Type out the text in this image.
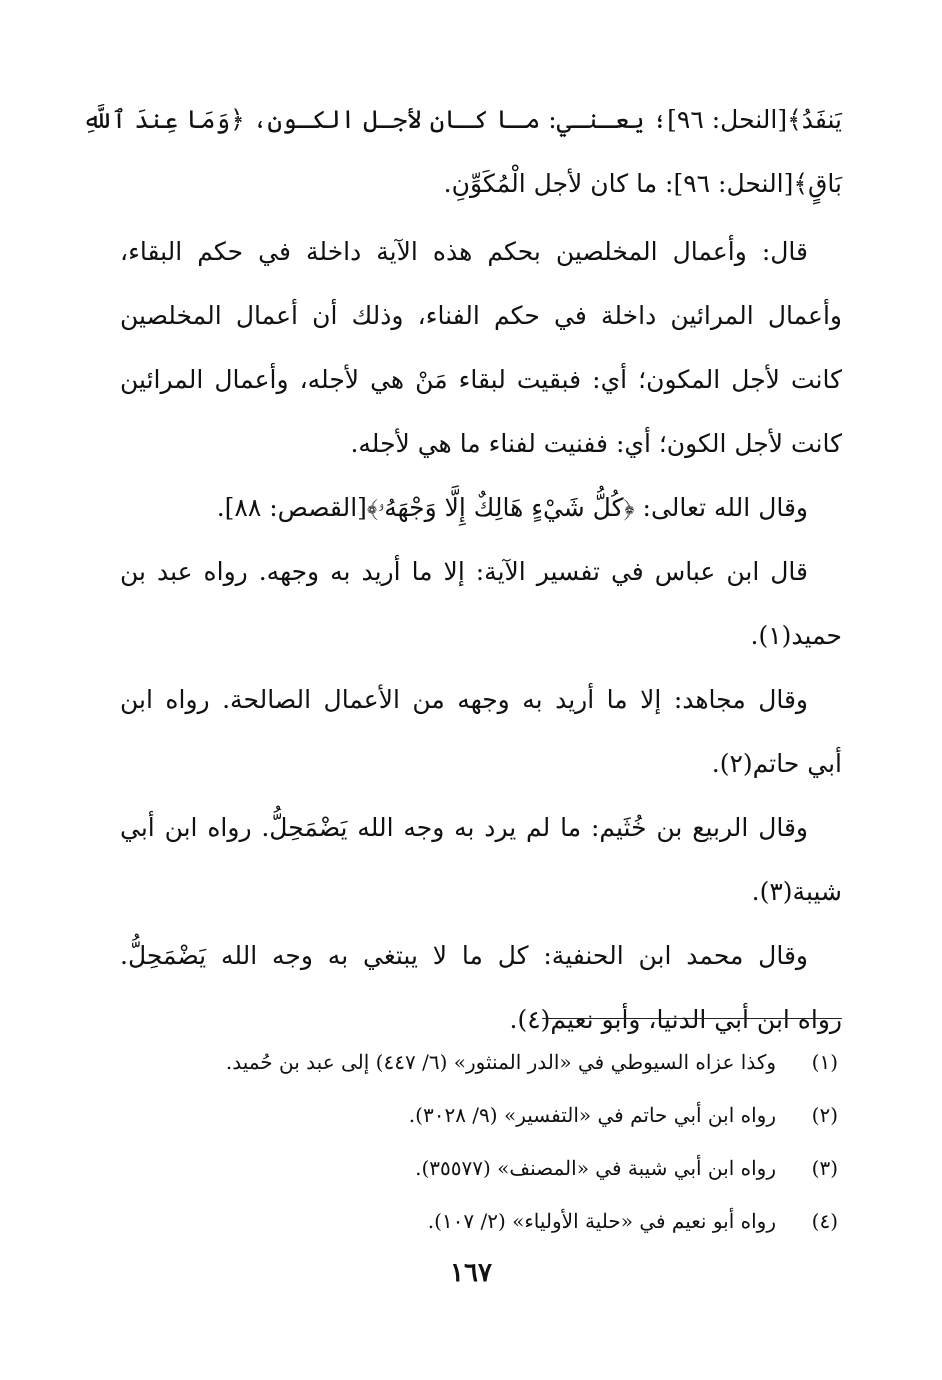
يَنفَدُ﴾[النحل: ٩٦]؛ يعـنـي: مـا كـان لأجـل الكـون، ﴿وَمَا عِندَ ٱللَّهِ
بَاقٍ﴾[النحل: ٩٦]: ما كان لأجل الْمُكَوِّنِ.
قال: وأعمال المخلصين بحكم هذه الآية داخلة في حكم البقاء،
وأعمال المرائين داخلة في حكم الفناء، وذلك أن أعمال المخلصين
كانت لأجل المكون؛ أي: فبقيت لبقاء مَنْ هي لأجله، وأعمال المرائين
كانت لأجل الكون؛ أي: ففنيت لفناء ما هي لأجله.
وقال الله تعالى: ﴿كُلُّ شَيْءٍ هَالِكٌ إِلَّا وَجْهَهُۥ﴾[القصص: ٨٨].
قال ابن عباس في تفسير الآية: إلا ما أريد به وجهه. رواه عبد بن
حميد(١).
وقال مجاهد: إلا ما أريد به وجهه من الأعمال الصالحة. رواه ابن
أبي حاتم(٢).
وقال الربيع بن خُثَيم: ما لم يرد به وجه الله يَضْمَحِلُّ. رواه ابن أبي
شيبة(٣).
وقال محمد ابن الحنفية: كل ما لا يبتغي به وجه الله يَضْمَحِلُّ.
رواه ابن أبي الدنيا، وأبو نعيم(٤).
(١)
وكذا عزاه السيوطي في «الدر المنثور» (٦/ ٤٤٧) إلى عبد بن حُميد.
(٢)
رواه ابن أبي حاتم في «التفسير» (٩/ ٣٠٢٨).
(٣)
رواه ابن أبي شيبة في «المصنف» (٣٥٥٧٧).
(٤)
رواه أبو نعيم في «حلية الأولياء» (٢/ ١٠٧).
١٦٧
